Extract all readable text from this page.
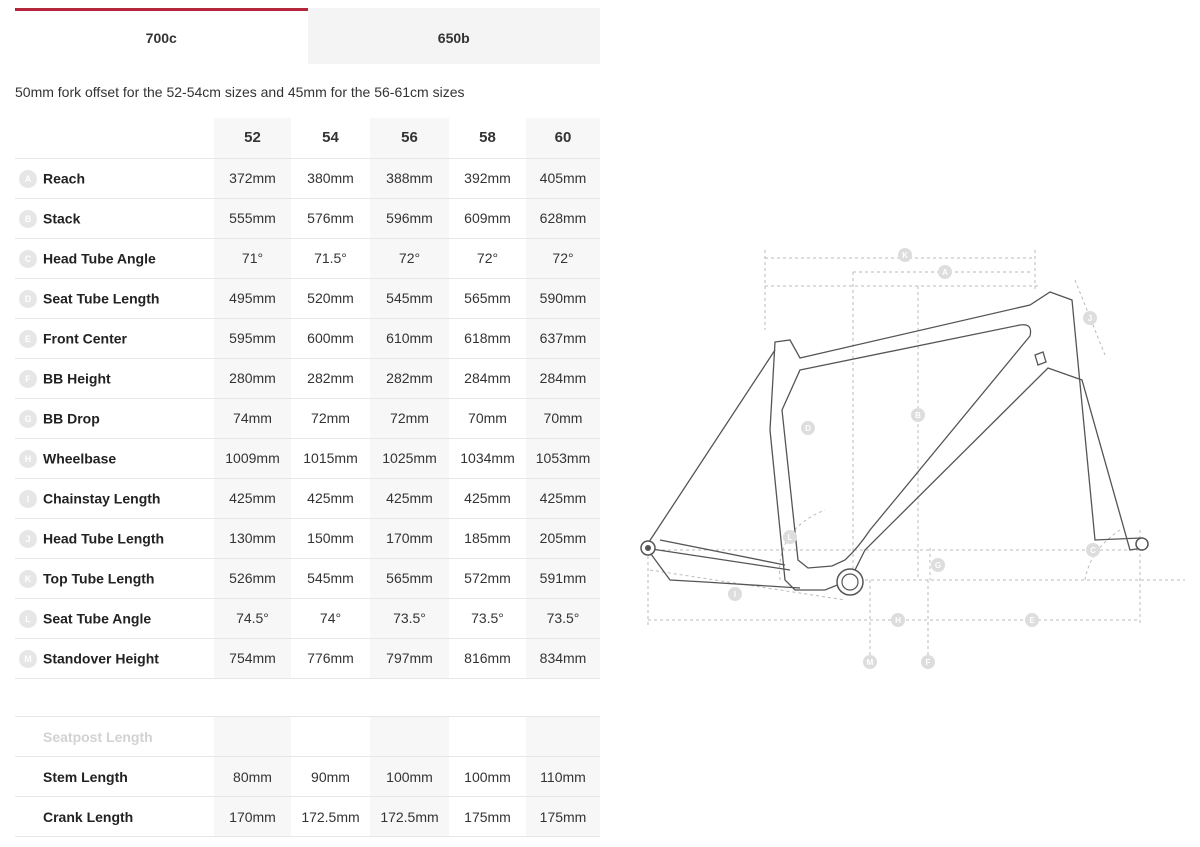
700c	650b
50mm fork offset for the 52-54cm sizes and 45mm for the 56-61cm sizes
	52	54	56	58	60
A Reach	372mm	380mm	388mm	392mm	405mm
B Stack	555mm	576mm	596mm	609mm	628mm
C Head Tube Angle	71°	71.5°	72°	72°	72°
D Seat Tube Length	495mm	520mm	545mm	565mm	590mm
E Front Center	595mm	600mm	610mm	618mm	637mm
F BB Height	280mm	282mm	282mm	284mm	284mm
G BB Drop	74mm	72mm	72mm	70mm	70mm
H Wheelbase	1009mm	1015mm	1025mm	1034mm	1053mm
I Chainstay Length	425mm	425mm	425mm	425mm	425mm
J Head Tube Length	130mm	150mm	170mm	185mm	205mm
K Top Tube Length	526mm	545mm	565mm	572mm	591mm
L Seat Tube Angle	74.5°	74°	73.5°	73.5°	73.5°
M Standover Height	754mm	776mm	797mm	816mm	834mm
Seatpost Length					
Stem Length	80mm	90mm	100mm	100mm	110mm
Crank Length	170mm	172.5mm	172.5mm	175mm	175mm
K
A
J
B
D
L
G
C
I
H	E
M	F
